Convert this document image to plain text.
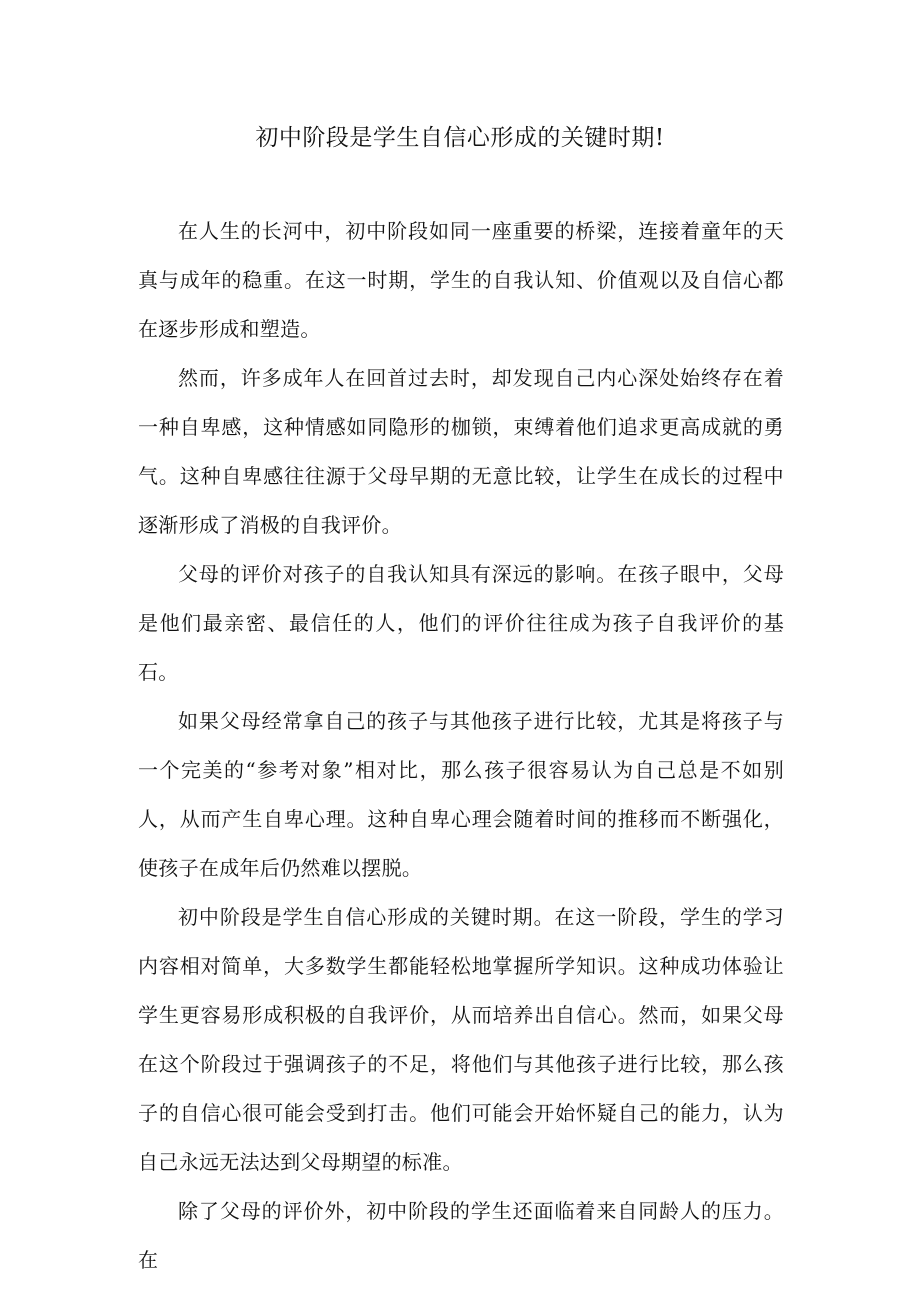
初中阶段是学生自信心形成的关键时期!

在人生的长河中，初中阶段如同一座重要的桥梁，连接着童年的天真与成年的稳重。在这一时期，学生的自我认知、价值观以及自信心都在逐步形成和塑造。

然而，许多成年人在回首过去时，却发现自己内心深处始终存在着一种自卑感，这种情感如同隐形的枷锁，束缚着他们追求更高成就的勇气。这种自卑感往往源于父母早期的无意比较，让学生在成长的过程中逐渐形成了消极的自我评价。

父母的评价对孩子的自我认知具有深远的影响。在孩子眼中，父母是他们最亲密、最信任的人，他们的评价往往成为孩子自我评价的基石。

如果父母经常拿自己的孩子与其他孩子进行比较，尤其是将孩子与一个完美的“参考对象”相对比，那么孩子很容易认为自己总是不如别人，从而产生自卑心理。这种自卑心理会随着时间的推移而不断强化，使孩子在成年后仍然难以摆脱。

初中阶段是学生自信心形成的关键时期。在这一阶段，学生的学习内容相对简单，大多数学生都能轻松地掌握所学知识。这种成功体验让学生更容易形成积极的自我评价，从而培养出自信心。然而，如果父母在这个阶段过于强调孩子的不足，将他们与其他孩子进行比较，那么孩子的自信心很可能会受到打击。他们可能会开始怀疑自己的能力，认为自己永远无法达到父母期望的标准。

除了父母的评价外，初中阶段的学生还面临着来自同龄人的压力。在
